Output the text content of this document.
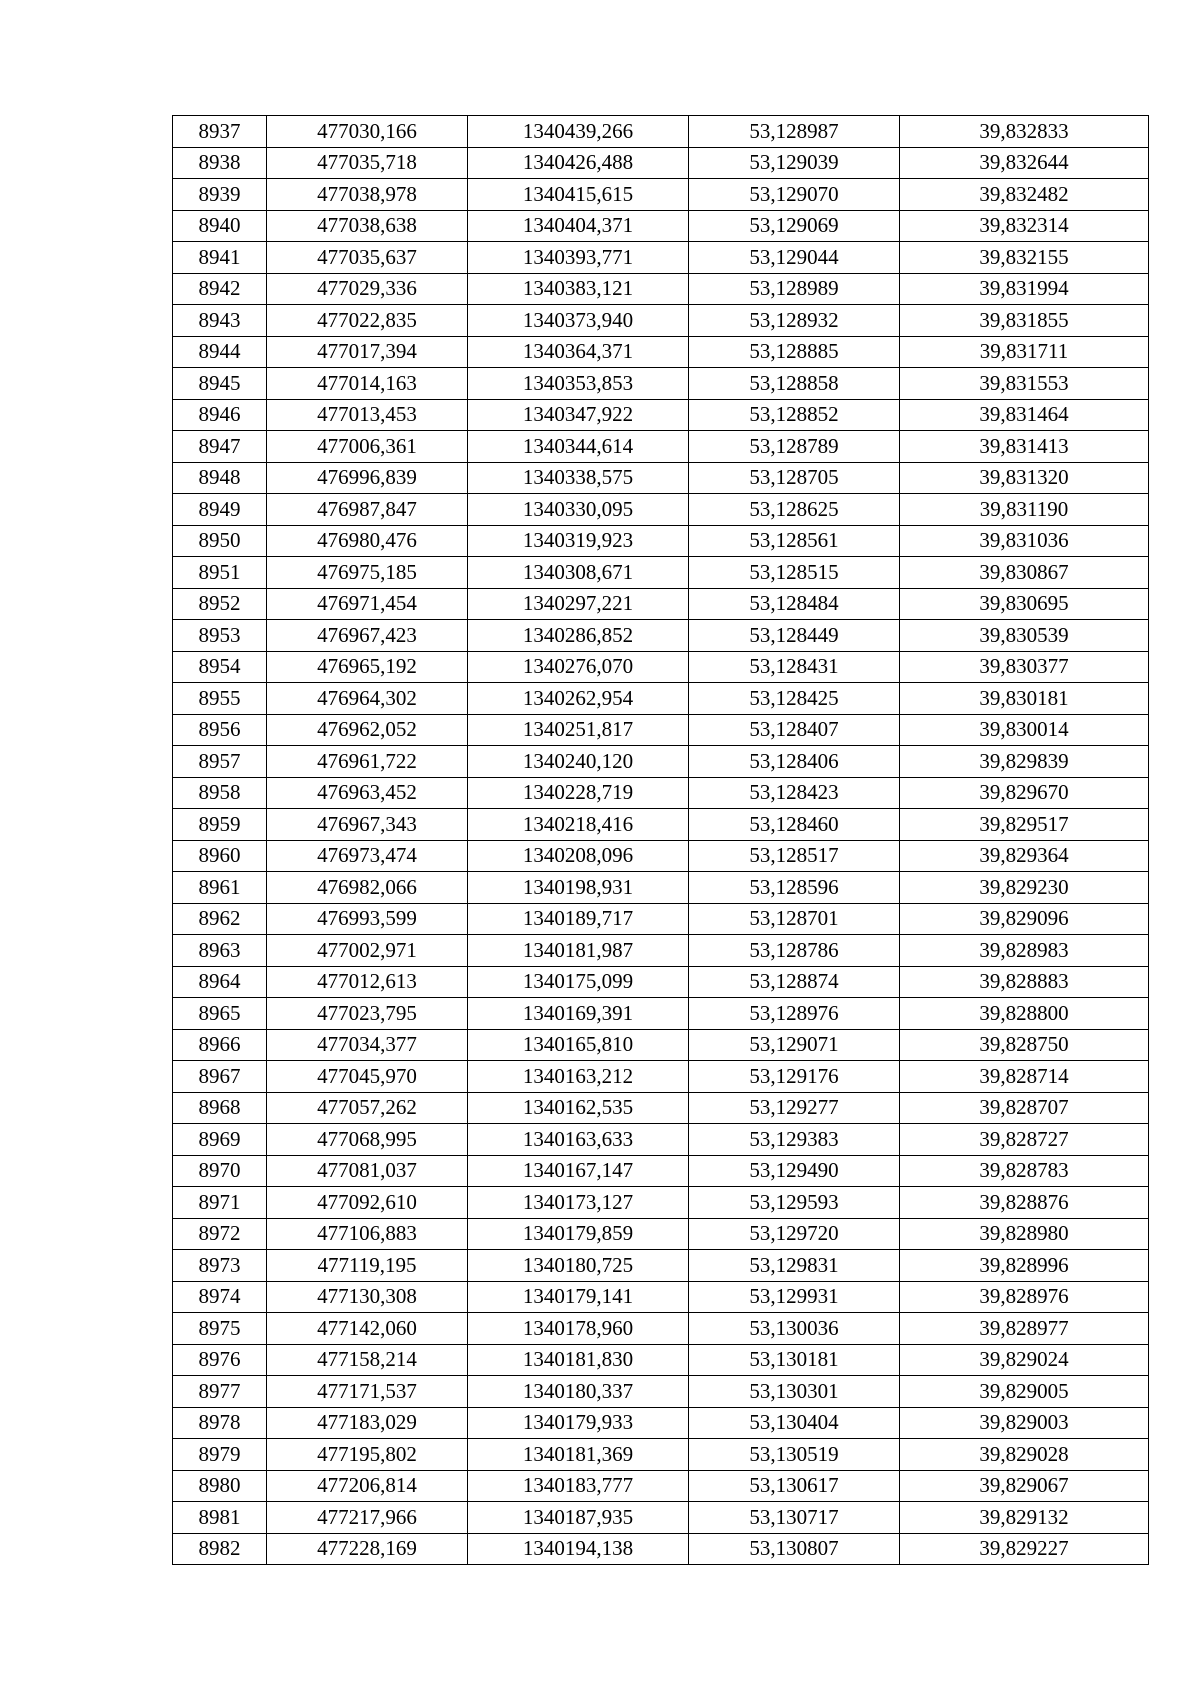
8937	477030,166	1340439,266	53,128987	39,832833
8938	477035,718	1340426,488	53,129039	39,832644
8939	477038,978	1340415,615	53,129070	39,832482
8940	477038,638	1340404,371	53,129069	39,832314
8941	477035,637	1340393,771	53,129044	39,832155
8942	477029,336	1340383,121	53,128989	39,831994
8943	477022,835	1340373,940	53,128932	39,831855
8944	477017,394	1340364,371	53,128885	39,831711
8945	477014,163	1340353,853	53,128858	39,831553
8946	477013,453	1340347,922	53,128852	39,831464
8947	477006,361	1340344,614	53,128789	39,831413
8948	476996,839	1340338,575	53,128705	39,831320
8949	476987,847	1340330,095	53,128625	39,831190
8950	476980,476	1340319,923	53,128561	39,831036
8951	476975,185	1340308,671	53,128515	39,830867
8952	476971,454	1340297,221	53,128484	39,830695
8953	476967,423	1340286,852	53,128449	39,830539
8954	476965,192	1340276,070	53,128431	39,830377
8955	476964,302	1340262,954	53,128425	39,830181
8956	476962,052	1340251,817	53,128407	39,830014
8957	476961,722	1340240,120	53,128406	39,829839
8958	476963,452	1340228,719	53,128423	39,829670
8959	476967,343	1340218,416	53,128460	39,829517
8960	476973,474	1340208,096	53,128517	39,829364
8961	476982,066	1340198,931	53,128596	39,829230
8962	476993,599	1340189,717	53,128701	39,829096
8963	477002,971	1340181,987	53,128786	39,828983
8964	477012,613	1340175,099	53,128874	39,828883
8965	477023,795	1340169,391	53,128976	39,828800
8966	477034,377	1340165,810	53,129071	39,828750
8967	477045,970	1340163,212	53,129176	39,828714
8968	477057,262	1340162,535	53,129277	39,828707
8969	477068,995	1340163,633	53,129383	39,828727
8970	477081,037	1340167,147	53,129490	39,828783
8971	477092,610	1340173,127	53,129593	39,828876
8972	477106,883	1340179,859	53,129720	39,828980
8973	477119,195	1340180,725	53,129831	39,828996
8974	477130,308	1340179,141	53,129931	39,828976
8975	477142,060	1340178,960	53,130036	39,828977
8976	477158,214	1340181,830	53,130181	39,829024
8977	477171,537	1340180,337	53,130301	39,829005
8978	477183,029	1340179,933	53,130404	39,829003
8979	477195,802	1340181,369	53,130519	39,829028
8980	477206,814	1340183,777	53,130617	39,829067
8981	477217,966	1340187,935	53,130717	39,829132
8982	477228,169	1340194,138	53,130807	39,829227
